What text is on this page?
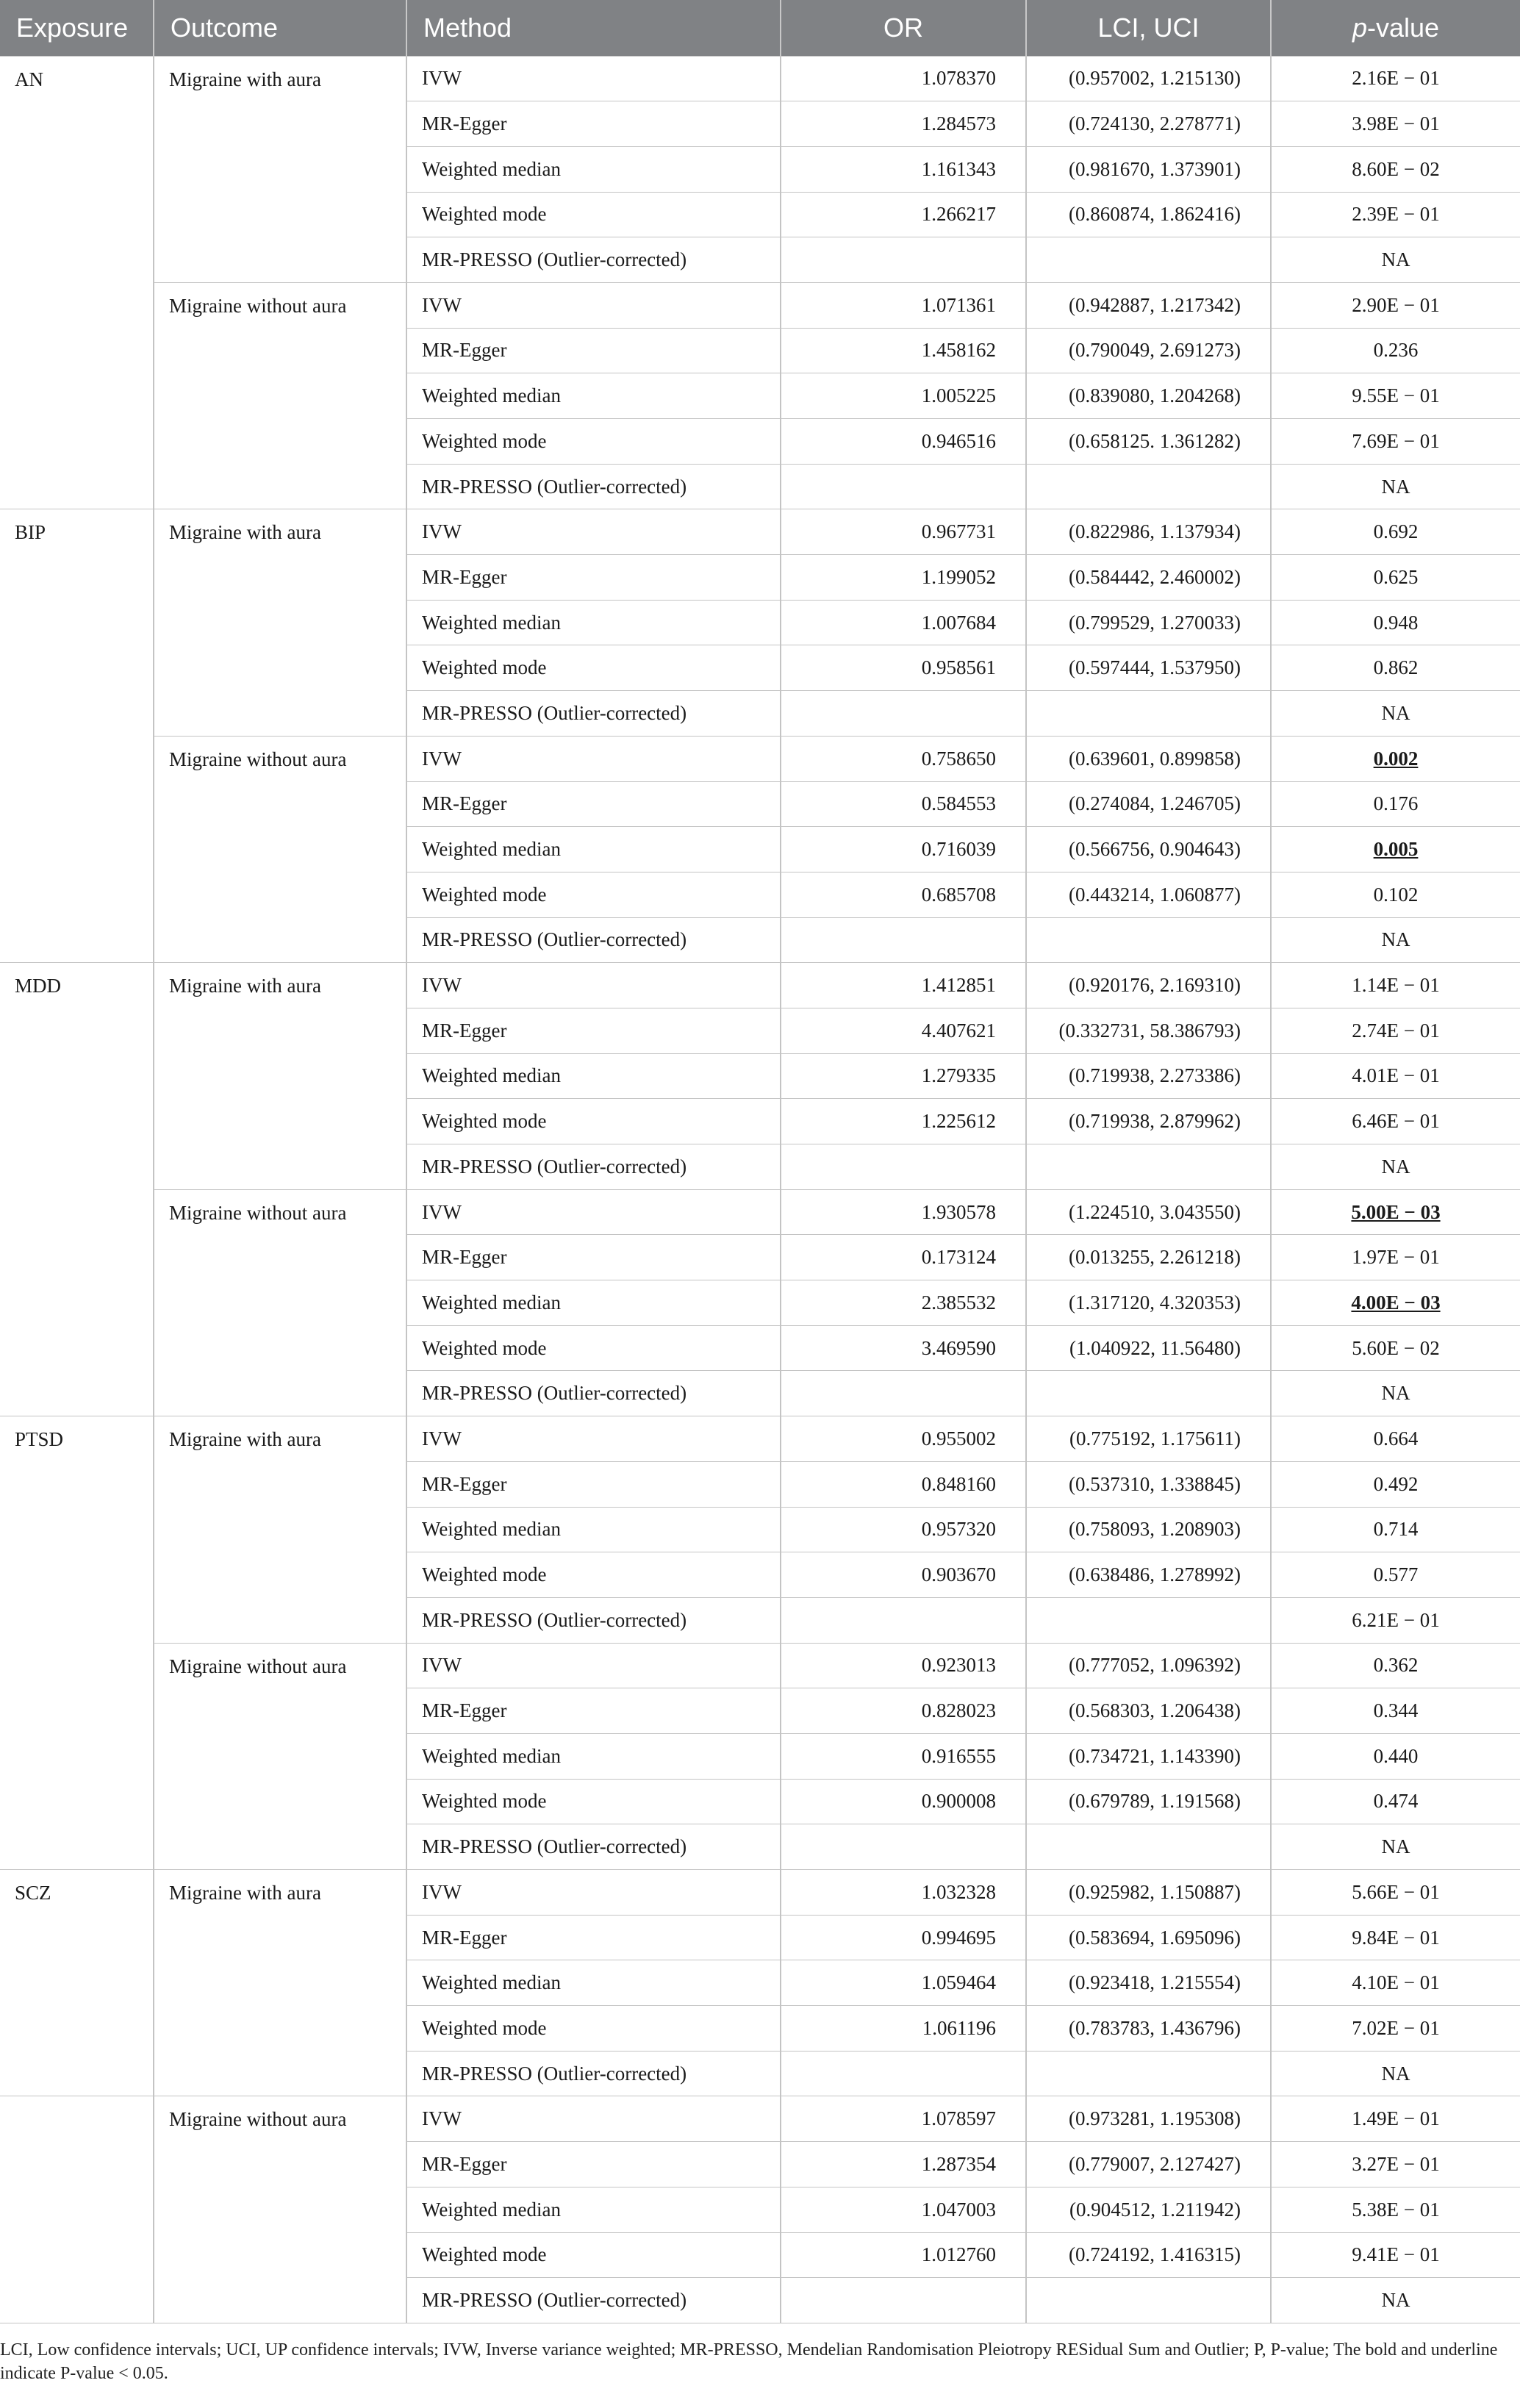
Exposure	Outcome	Method	OR	LCI, UCI	p-value
AN	Migraine with aura	IVW	1.078370	(0.957002, 1.215130)	2.16E − 01
		MR-Egger	1.284573	(0.724130, 2.278771)	3.98E − 01
		Weighted median	1.161343	(0.981670, 1.373901)	8.60E − 02
		Weighted mode	1.266217	(0.860874, 1.862416)	2.39E − 01
		MR-PRESSO (Outlier-corrected)			NA
	Migraine without aura	IVW	1.071361	(0.942887, 1.217342)	2.90E − 01
		MR-Egger	1.458162	(0.790049, 2.691273)	0.236
		Weighted median	1.005225	(0.839080, 1.204268)	9.55E − 01
		Weighted mode	0.946516	(0.658125. 1.361282)	7.69E − 01
		MR-PRESSO (Outlier-corrected)			NA
BIP	Migraine with aura	IVW	0.967731	(0.822986, 1.137934)	0.692
		MR-Egger	1.199052	(0.584442, 2.460002)	0.625
		Weighted median	1.007684	(0.799529, 1.270033)	0.948
		Weighted mode	0.958561	(0.597444, 1.537950)	0.862
		MR-PRESSO (Outlier-corrected)			NA
	Migraine without aura	IVW	0.758650	(0.639601, 0.899858)	0.002
		MR-Egger	0.584553	(0.274084, 1.246705)	0.176
		Weighted median	0.716039	(0.566756, 0.904643)	0.005
		Weighted mode	0.685708	(0.443214, 1.060877)	0.102
		MR-PRESSO (Outlier-corrected)			NA
MDD	Migraine with aura	IVW	1.412851	(0.920176, 2.169310)	1.14E − 01
		MR-Egger	4.407621	(0.332731, 58.386793)	2.74E − 01
		Weighted median	1.279335	(0.719938, 2.273386)	4.01E − 01
		Weighted mode	1.225612	(0.719938, 2.879962)	6.46E − 01
		MR-PRESSO (Outlier-corrected)			NA
	Migraine without aura	IVW	1.930578	(1.224510, 3.043550)	5.00E − 03
		MR-Egger	0.173124	(0.013255, 2.261218)	1.97E − 01
		Weighted median	2.385532	(1.317120, 4.320353)	4.00E − 03
		Weighted mode	3.469590	(1.040922, 11.56480)	5.60E − 02
		MR-PRESSO (Outlier-corrected)			NA
PTSD	Migraine with aura	IVW	0.955002	(0.775192, 1.175611)	0.664
		MR-Egger	0.848160	(0.537310, 1.338845)	0.492
		Weighted median	0.957320	(0.758093, 1.208903)	0.714
		Weighted mode	0.903670	(0.638486, 1.278992)	0.577
		MR-PRESSO (Outlier-corrected)			6.21E − 01
	Migraine without aura	IVW	0.923013	(0.777052, 1.096392)	0.362
		MR-Egger	0.828023	(0.568303, 1.206438)	0.344
		Weighted median	0.916555	(0.734721, 1.143390)	0.440
		Weighted mode	0.900008	(0.679789, 1.191568)	0.474
		MR-PRESSO (Outlier-corrected)			NA
SCZ	Migraine with aura	IVW	1.032328	(0.925982, 1.150887)	5.66E − 01
		MR-Egger	0.994695	(0.583694, 1.695096)	9.84E − 01
		Weighted median	1.059464	(0.923418, 1.215554)	4.10E − 01
		Weighted mode	1.061196	(0.783783, 1.436796)	7.02E − 01
		MR-PRESSO (Outlier-corrected)			NA
	Migraine without aura	IVW	1.078597	(0.973281, 1.195308)	1.49E − 01
		MR-Egger	1.287354	(0.779007, 2.127427)	3.27E − 01
		Weighted median	1.047003	(0.904512, 1.211942)	5.38E − 01
		Weighted mode	1.012760	(0.724192, 1.416315)	9.41E − 01
		MR-PRESSO (Outlier-corrected)			NA

LCI, Low confidence intervals; UCI, UP confidence intervals; IVW, Inverse variance weighted; MR-PRESSO, Mendelian Randomisation Pleiotropy RESidual Sum and Outlier; P, P-value; The bold and underline indicate P-value < 0.05.
